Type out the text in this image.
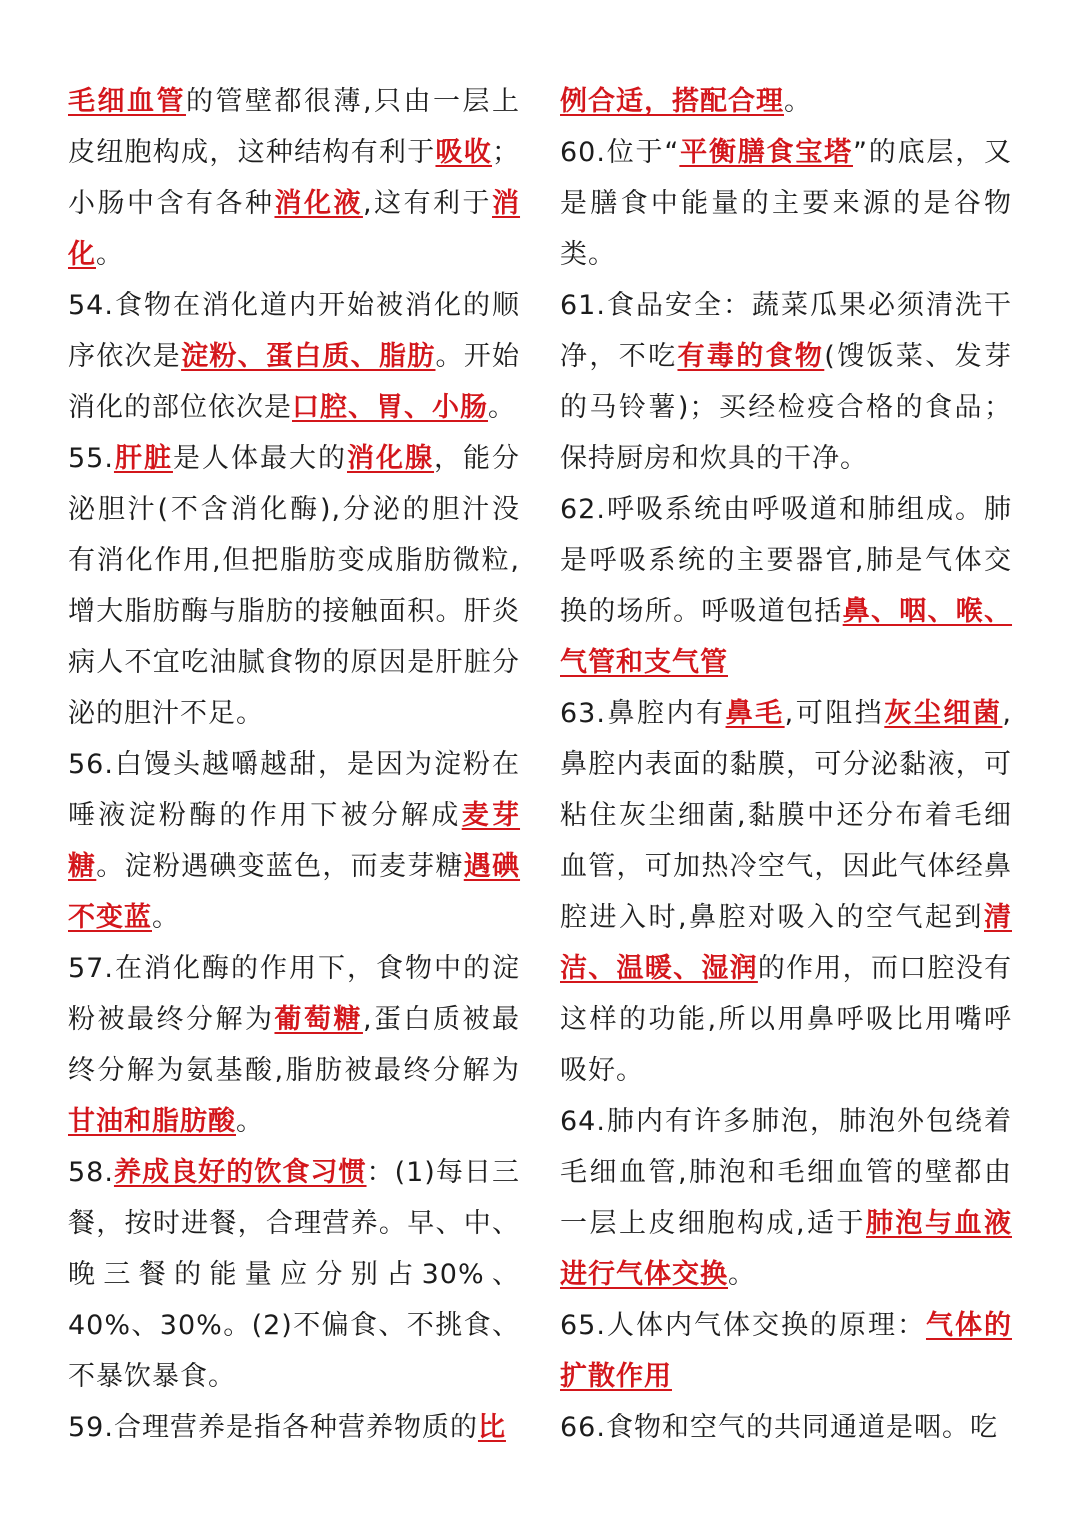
毛细血管的管壁都很薄,只由一层上皮纽胞构成，这种结构有利于吸收；小肠中含有各种消化液,这有利于消化。

54.食物在消化道内开始被消化的顺序依次是淀粉、蛋白质、脂肪。开始消化的部位依次是口腔、胃、小肠。

55.肝脏是人体最大的消化腺，能分泌胆汁(不含消化酶),分泌的胆汁没有消化作用,但把脂肪变成脂肪微粒,增大脂肪酶与脂肪的接触面积。肝炎病人不宜吃油腻食物的原因是肝脏分泌的胆汁不足。

56.白馒头越嚼越甜，是因为淀粉在唾液淀粉酶的作用下被分解成麦芽糖。淀粉遇碘变蓝色，而麦芽糖遇碘不变蓝。

57.在消化酶的作用下，食物中的淀粉被最终分解为葡萄糖,蛋白质被最终分解为氨基酸,脂肪被最终分解为甘油和脂肪酸。

58.养成良好的饮食习惯：(1)每日三餐，按时进餐，合理营养。早、中、晚三餐的能量应分别占30%、40%、30%。(2)不偏食、不挑食、不暴饮暴食。

59.合理营养是指各种营养物质的比

例合适，搭配合理。

60.位于“平衡膳食宝塔”的底层，又是膳食中能量的主要来源的是谷物类。

61.食品安全：蔬菜瓜果必须清洗干净，不吃有毒的食物(馊饭菜、发芽的马铃薯)；买经检疫合格的食品；保持厨房和炊具的干净。

62.呼吸系统由呼吸道和肺组成。肺是呼吸系统的主要器官,肺是气体交换的场所。呼吸道包括鼻、咽、喉、气管和支气管

63.鼻腔内有鼻毛,可阻挡灰尘细菌,鼻腔内表面的黏膜，可分泌黏液，可粘住灰尘细菌,黏膜中还分布着毛细血管，可加热冷空气，因此气体经鼻腔进入时,鼻腔对吸入的空气起到清洁、温暖、湿润的作用，而口腔没有这样的功能,所以用鼻呼吸比用嘴呼吸好。

64.肺内有许多肺泡，肺泡外包绕着毛细血管,肺泡和毛细血管的壁都由一层上皮细胞构成,适于肺泡与血液进行气体交换。

65.人体内气体交换的原理：气体的扩散作用

66.食物和空气的共同通道是咽。吃
